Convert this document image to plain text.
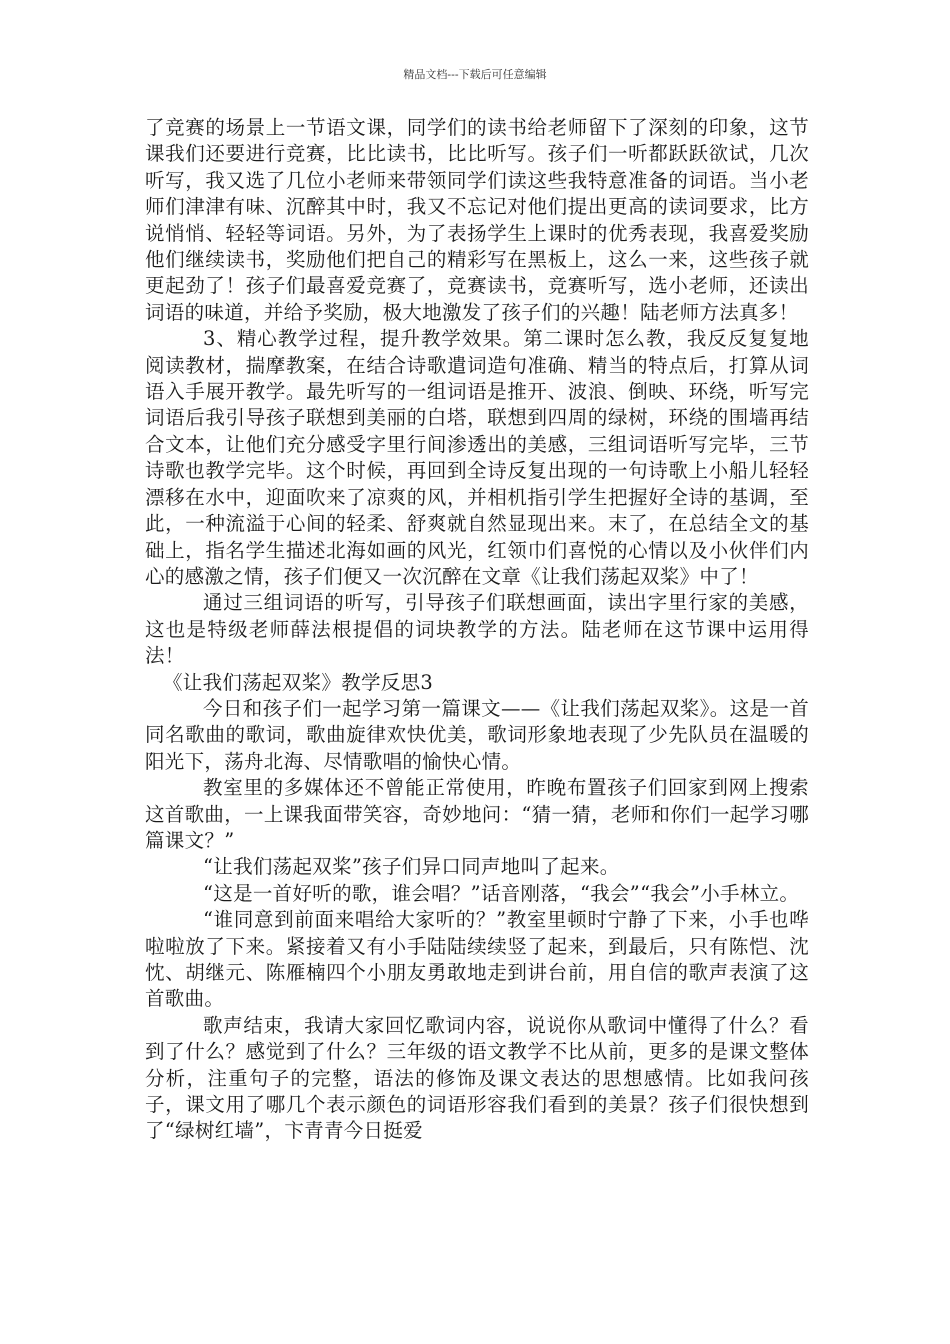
精品文档---下载后可任意编辑

了竞赛的场景上一节语文课，同学们的读书给老师留下了深刻的印象，这节课我们还要进行竞赛，比比读书，比比听写。孩子们一听都跃跃欲试，几次听写，我又选了几位小老师来带领同学们读这些我特意准备的词语。当小老师们津津有味、沉醉其中时，我又不忘记对他们提出更高的读词要求，比方说悄悄、轻轻等词语。另外，为了表扬学生上课时的优秀表现，我喜爱奖励他们继续读书，奖励他们把自己的精彩写在黑板上，这么一来，这些孩子就更起劲了！孩子们最喜爱竞赛了，竞赛读书，竞赛听写，选小老师，还读出词语的味道，并给予奖励，极大地激发了孩子们的兴趣！陆老师方法真多！

3、精心教学过程，提升教学效果。第二课时怎么教，我反反复复地阅读教材，揣摩教案，在结合诗歌遣词造句准确、精当的特点后，打算从词语入手展开教学。最先听写的一组词语是推开、波浪、倒映、环绕，听写完词语后我引导孩子联想到美丽的白塔，联想到四周的绿树，环绕的围墙再结合文本，让他们充分感受字里行间渗透出的美感，三组词语听写完毕，三节诗歌也教学完毕。这个时候，再回到全诗反复出现的一句诗歌上小船儿轻轻漂移在水中，迎面吹来了凉爽的风，并相机指引学生把握好全诗的基调，至此，一种流溢于心间的轻柔、舒爽就自然显现出来。末了，在总结全文的基础上，指名学生描述北海如画的风光，红领巾们喜悦的心情以及小伙伴们内心的感激之情，孩子们便又一次沉醉在文章《让我们荡起双桨》中了！

通过三组词语的听写，引导孩子们联想画面，读出字里行家的美感，这也是特级老师薛法根提倡的词块教学的方法。陆老师在这节课中运用得法！

《让我们荡起双桨》教学反思3

今日和孩子们一起学习第一篇课文——《让我们荡起双桨》。这是一首同名歌曲的歌词，歌曲旋律欢快优美，歌词形象地表现了少先队员在温暖的阳光下，荡舟北海、尽情歌唱的愉快心情。

教室里的多媒体还不曾能正常使用，昨晚布置孩子们回家到网上搜索这首歌曲，一上课我面带笑容，奇妙地问：“猜一猜，老师和你们一起学习哪篇课文？”

“让我们荡起双桨”孩子们异口同声地叫了起来。

“这是一首好听的歌，谁会唱？”话音刚落，“我会”“我会”小手林立。

“谁同意到前面来唱给大家听的？”教室里顿时宁静了下来，小手也哗啦啦放了下来。紧接着又有小手陆陆续续竖了起来，到最后，只有陈恺、沈忱、胡继元、陈雁楠四个小朋友勇敢地走到讲台前，用自信的歌声表演了这首歌曲。

歌声结束，我请大家回忆歌词内容，说说你从歌词中懂得了什么？看到了什么？感觉到了什么？三年级的语文教学不比从前，更多的是课文整体分析，注重句子的完整，语法的修饰及课文表达的思想感情。比如我问孩子，课文用了哪几个表示颜色的词语形容我们看到的美景？孩子们很快想到了“绿树红墙”，卞青青今日挺爱
